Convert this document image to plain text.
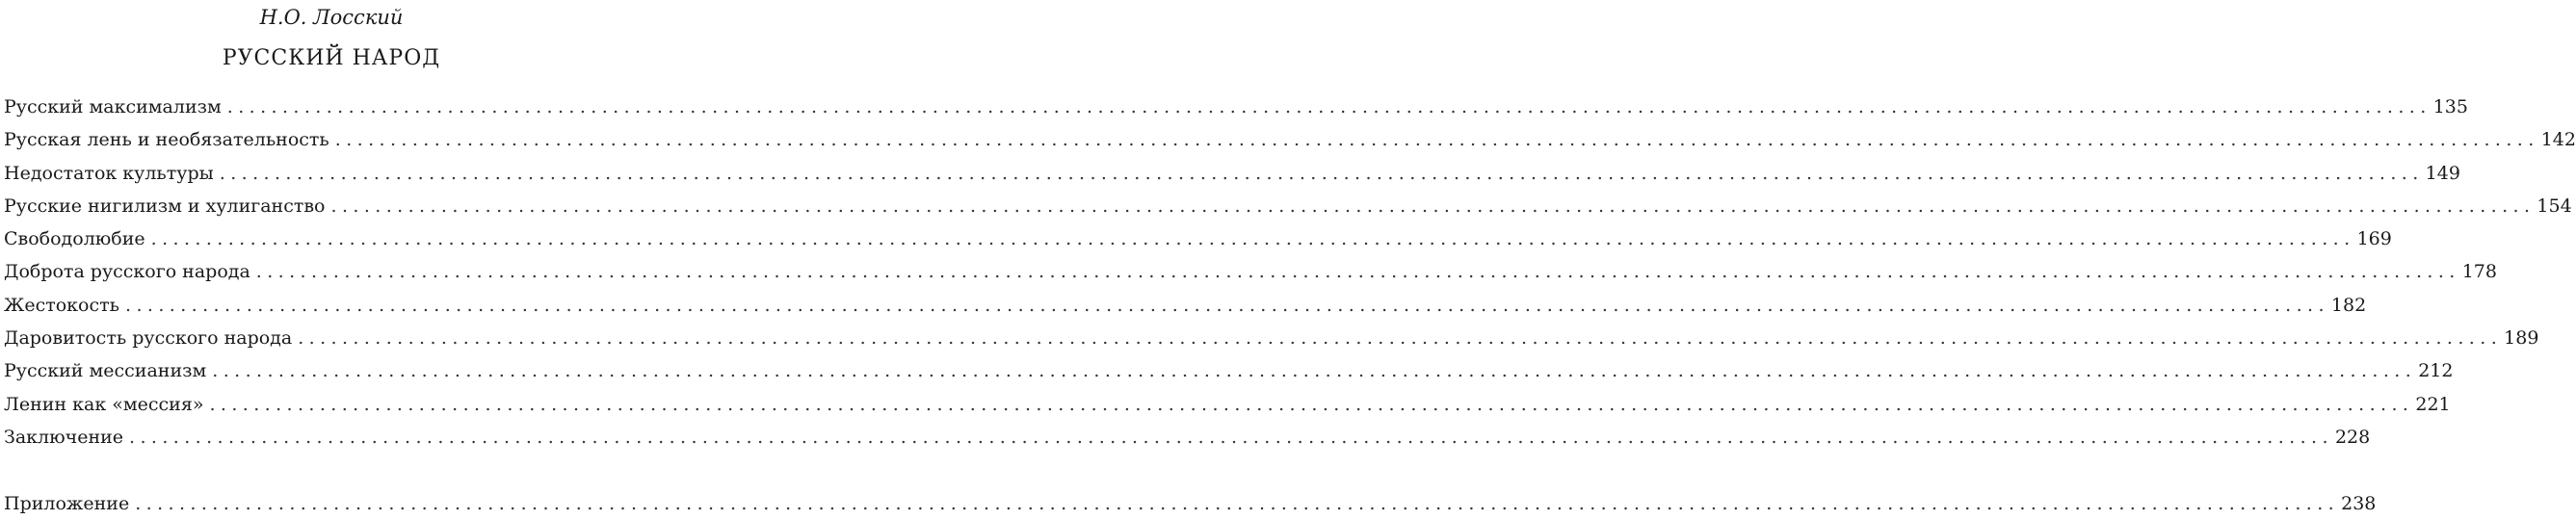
Н.О. Лосский
РУССКИЙ НАРОД
Русский максимализм ........................................................................................................................................................................................................ 135
Русская лень и необязательность ........................................................................................................................................................................................................ 142
Недостаток культуры ........................................................................................................................................................................................................ 149
Русские нигилизм и хулиганство ........................................................................................................................................................................................................ 154
Свободолюбие ........................................................................................................................................................................................................ 169
Доброта русского народа ........................................................................................................................................................................................................ 178
Жестокость ........................................................................................................................................................................................................ 182
Даровитость русского народа ........................................................................................................................................................................................................ 189
Русский мессианизм ........................................................................................................................................................................................................ 212
Ленин как «мессия» ........................................................................................................................................................................................................ 221
Заключение ........................................................................................................................................................................................................ 228
Приложение ........................................................................................................................................................................................................ 238
